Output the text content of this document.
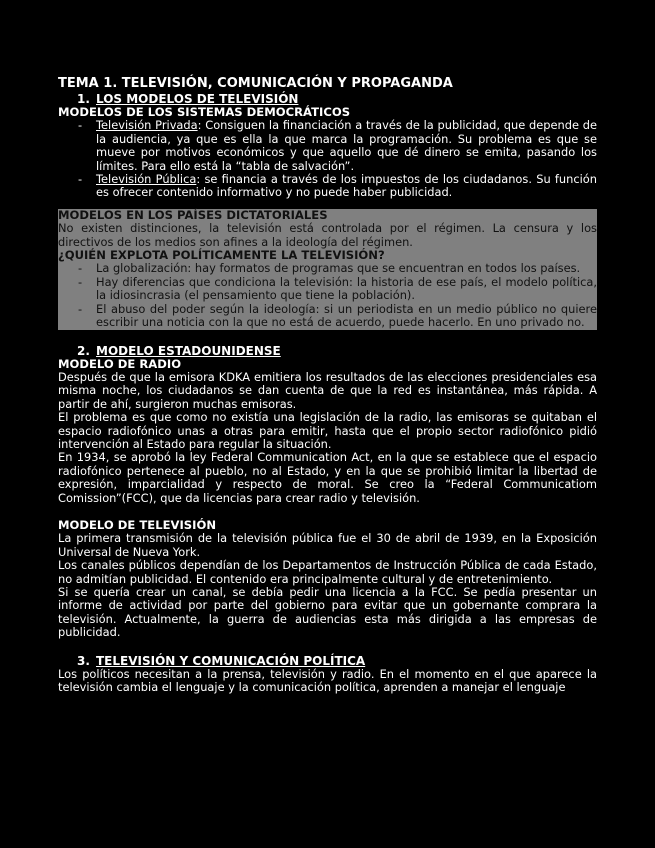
TEMA 1. TELEVISIÓN, COMUNICACIÓN Y PROPAGANDA
1. LOS MODELOS DE TELEVISIÓN
MODELOS DE LOS SISTEMAS DEMOCRÁTICOS
- Televisión Privada: Consiguen la financiación a través de la publicidad, que depende de la audiencia, ya que es ella la que marca la programación. Su problema es que se mueve por motivos económicos y que aquello que dé dinero se emita, pasando los límites. Para ello está la “tabla de salvación”.
- Televisión Pública: se financia a través de los impuestos de los ciudadanos. Su función es ofrecer contenido informativo y no puede haber publicidad.
MODELOS EN LOS PAÍSES DICTATORIALES

No existen distinciones, la televisión está controlada por el régimen. La censura y los directivos de los medios son afines a la ideología del régimen.

¿QUIÉN EXPLOTA POLÍTICAMENTE LA TELEVISIÓN?
- La globalización: hay formatos de programas que se encuentran en todos los países.
- Hay diferencias que condiciona la televisión: la historia de ese país, el modelo política, la idiosincrasia (el pensamiento que tiene la población).
- El abuso del poder según la ideología: si un periodista en un medio público no quiere escribir una noticia con la que no está de acuerdo, puede hacerlo. En uno privado no.
2. MODELO ESTADOUNIDENSE
MODELO DE RADIO

Después de que la emisora KDKA emitiera los resultados de las elecciones presidenciales esa misma noche, los ciudadanos se dan cuenta de que la red es instantánea, más rápida. A partir de ahí, surgieron muchas emisoras.

El problema es que como no existía una legislación de la radio, las emisoras se quitaban el espacio radiofónico unas a otras para emitir, hasta que el propio sector radiofónico pidió intervención al Estado para regular la situación.

En 1934, se aprobó la ley Federal Communication Act, en la que se establece que el espacio radiofónico pertenece al pueblo, no al Estado, y en la que se prohibió limitar la libertad de expresión, imparcialidad y respecto de moral. Se creo la “Federal Communicatiom Comission”(FCC), que da licencias para crear radio y televisión.

MODELO DE TELEVISIÓN

La primera transmisión de la televisión pública fue el 30 de abril de 1939, en la Exposición Universal de Nueva York.

Los canales públicos dependían de los Departamentos de Instrucción Pública de cada Estado, no admitían publicidad. El contenido era principalmente cultural y de entretenimiento.

Si se quería crear un canal, se debía pedir una licencia a la FCC. Se pedía presentar un informe de actividad por parte del gobierno para evitar que un gobernante comprara la televisión. Actualmente, la guerra de audiencias esta más dirigida a las empresas de publicidad.

3. TELEVISIÓN Y COMUNICACIÓN POLÍTICA

Los políticos necesitan a la prensa, televisión y radio. En el momento en el que aparece la televisión cambia el lenguaje y la comunicación política, aprenden a manejar el lenguaje
